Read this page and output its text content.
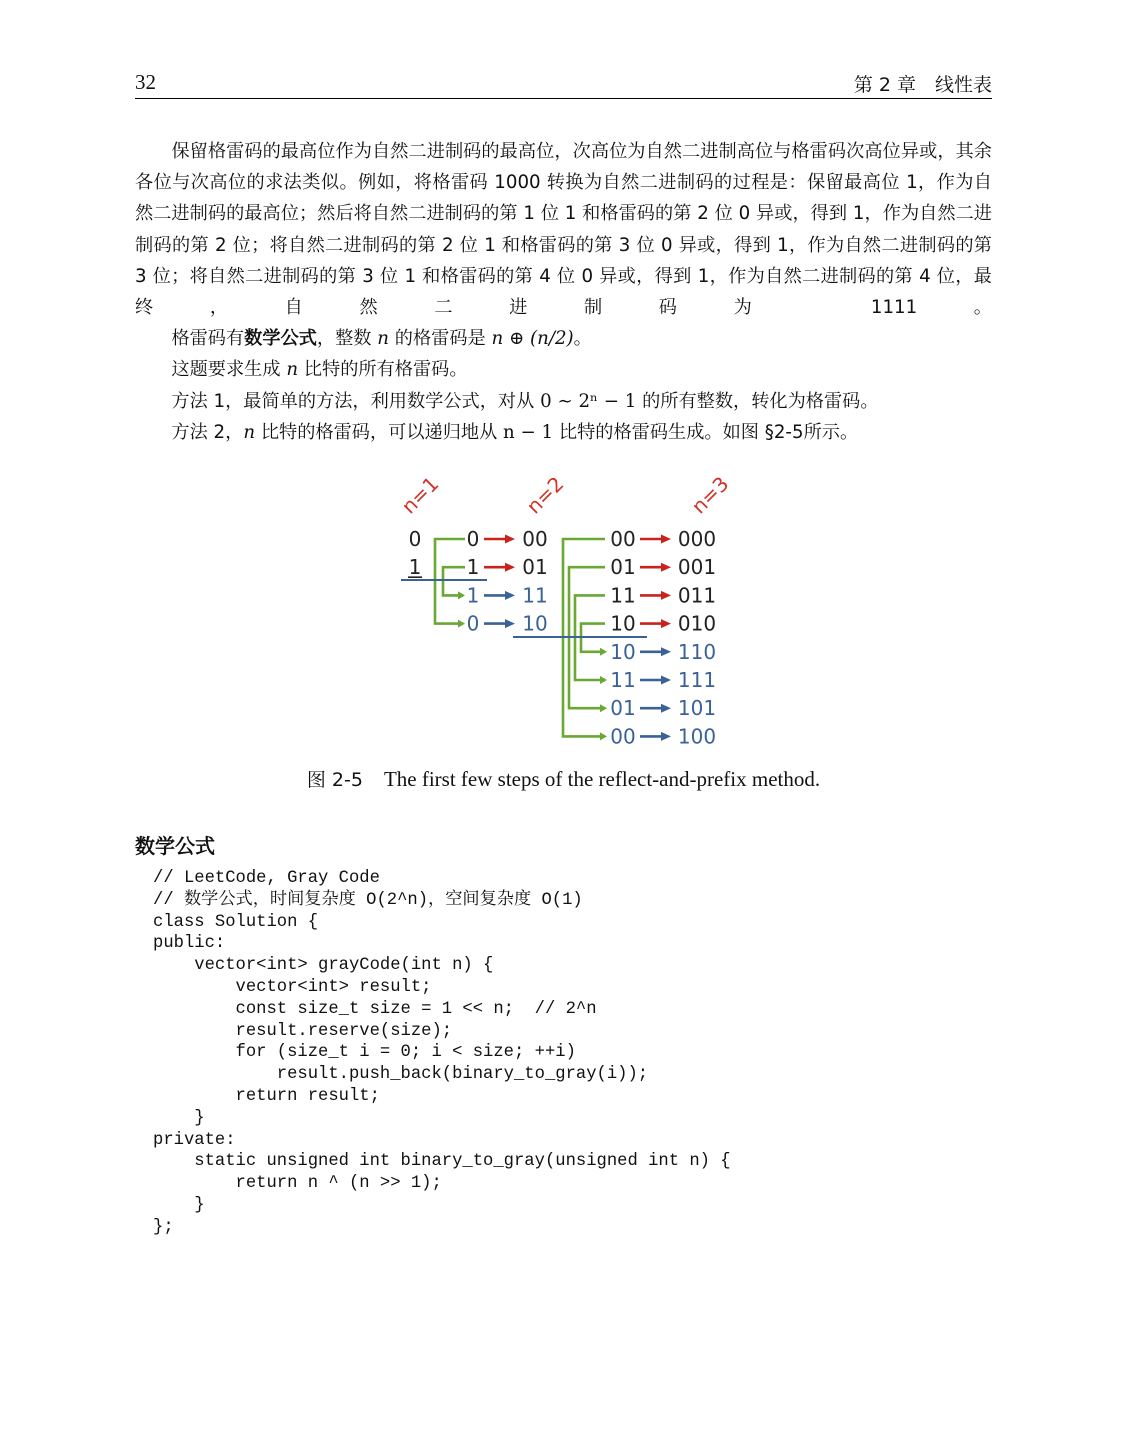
32	第 2 章　线性表

保留格雷码的最高位作为自然二进制码的最高位，次高位为自然二进制高位与格雷码次高位异或，其余各位与次高位的求法类似。例如，将格雷码 1000 转换为自然二进制码的过程是：保留最高位 1，作为自然二进制码的最高位；然后将自然二进制码的第 1 位 1 和格雷码的第 2 位 0 异或，得到 1，作为自然二进制码的第 2 位；将自然二进制码的第 2 位 1 和格雷码的第 3 位 0 异或，得到 1，作为自然二进制码的第 3 位；将自然二进制码的第 3 位 1 和格雷码的第 4 位 0 异或，得到 1，作为自然二进制码的第 4 位，最终，自然二进制码为 1111。

格雷码有数学公式，整数 n 的格雷码是 n ⊕ (n/2)。

这题要求生成 n 比特的所有格雷码。

方法 1，最简单的方法，利用数学公式，对从 0 ∼ 2ⁿ − 1 的所有整数，转化为格雷码。

方法 2，n 比特的格雷码，可以递归地从 n − 1 比特的格雷码生成。如图 §2-5所示。

n=1	n=2	n=3
0
1
0
1
1
0
00
01
11
10
00
01
11
10
10
11
01
00
000
001
011
010
110
111
101
100
图 2-5  The first few steps of the reflect-and-prefix method.
数学公式
// LeetCode, Gray Code
// 数学公式，时间复杂度 O(2^n)，空间复杂度 O(1)
class Solution {
public:
vector<int> grayCode(int n) {
vector<int> result;
const size_t size = 1 << n;  // 2^n
result.reserve(size);
for (size_t i = 0; i < size; ++i)
result.push_back(binary_to_gray(i));
return result;
}
private:
static unsigned int binary_to_gray(unsigned int n) {
return n ^ (n >> 1);
}
};
